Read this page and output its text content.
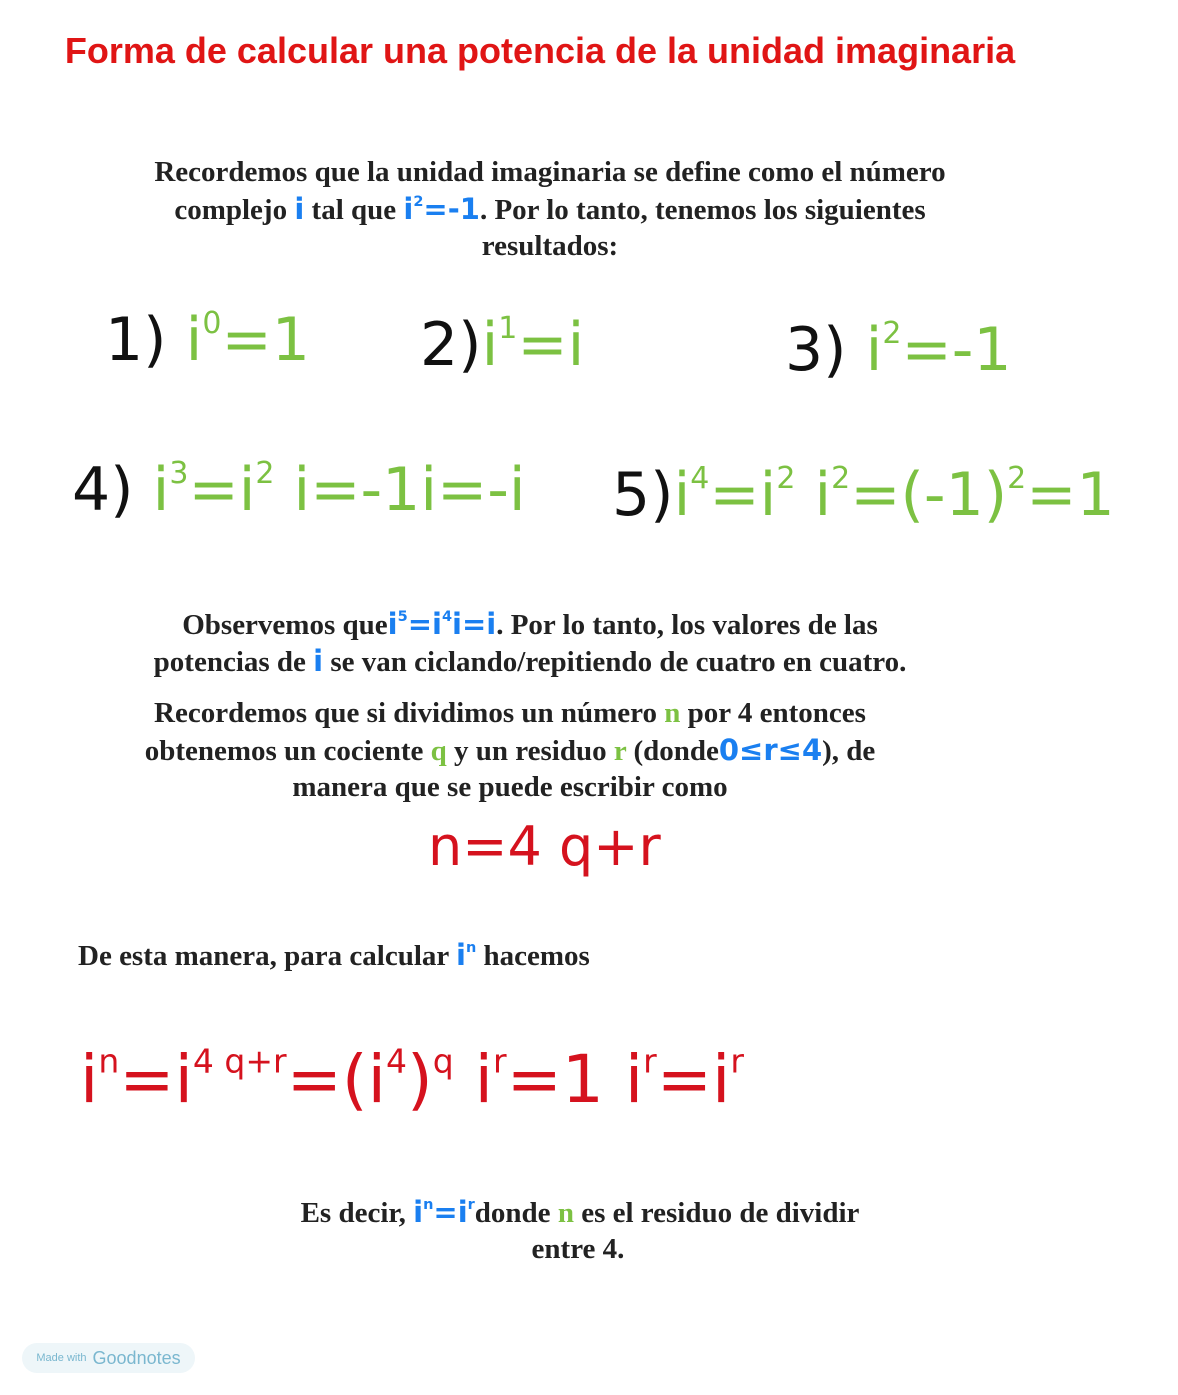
Forma de calcular una potencia de la unidad imaginaria
Recordemos que la unidad imaginaria se define como el número
complejo i tal que $i^2=-1$. Por lo tanto, tenemos los siguientes
resultados:
1) $i^0=1$ $2)i^1=i$	3) $i^2=-1$
4) $i^3=i^2$ i=-1i=-i $5)i^4=i^2$ $i^2=(-1)^2=1$
Observemos $quei^5=i^4i=i$. Por lo tanto, los valores de las
potencias de i se van ciclando/repitiendo de cuatro en cuatro.
Recordemos que si dividimos un número n por 4 entonces
obtenemos un cociente q y un residuo r (donde0≤r≤4), de
manera que se puede escribir como
n=4 q+r
De esta manera, para calcular $i^n$ hacemos
$i^n=i^{4 q+r}=(i^4)^q$ $i^r=1$ $i^r=i^r$
Es decir, $i^n=i^rdonde$ n es el residuo de dividir
entre 4.
Made with Goodnotes
